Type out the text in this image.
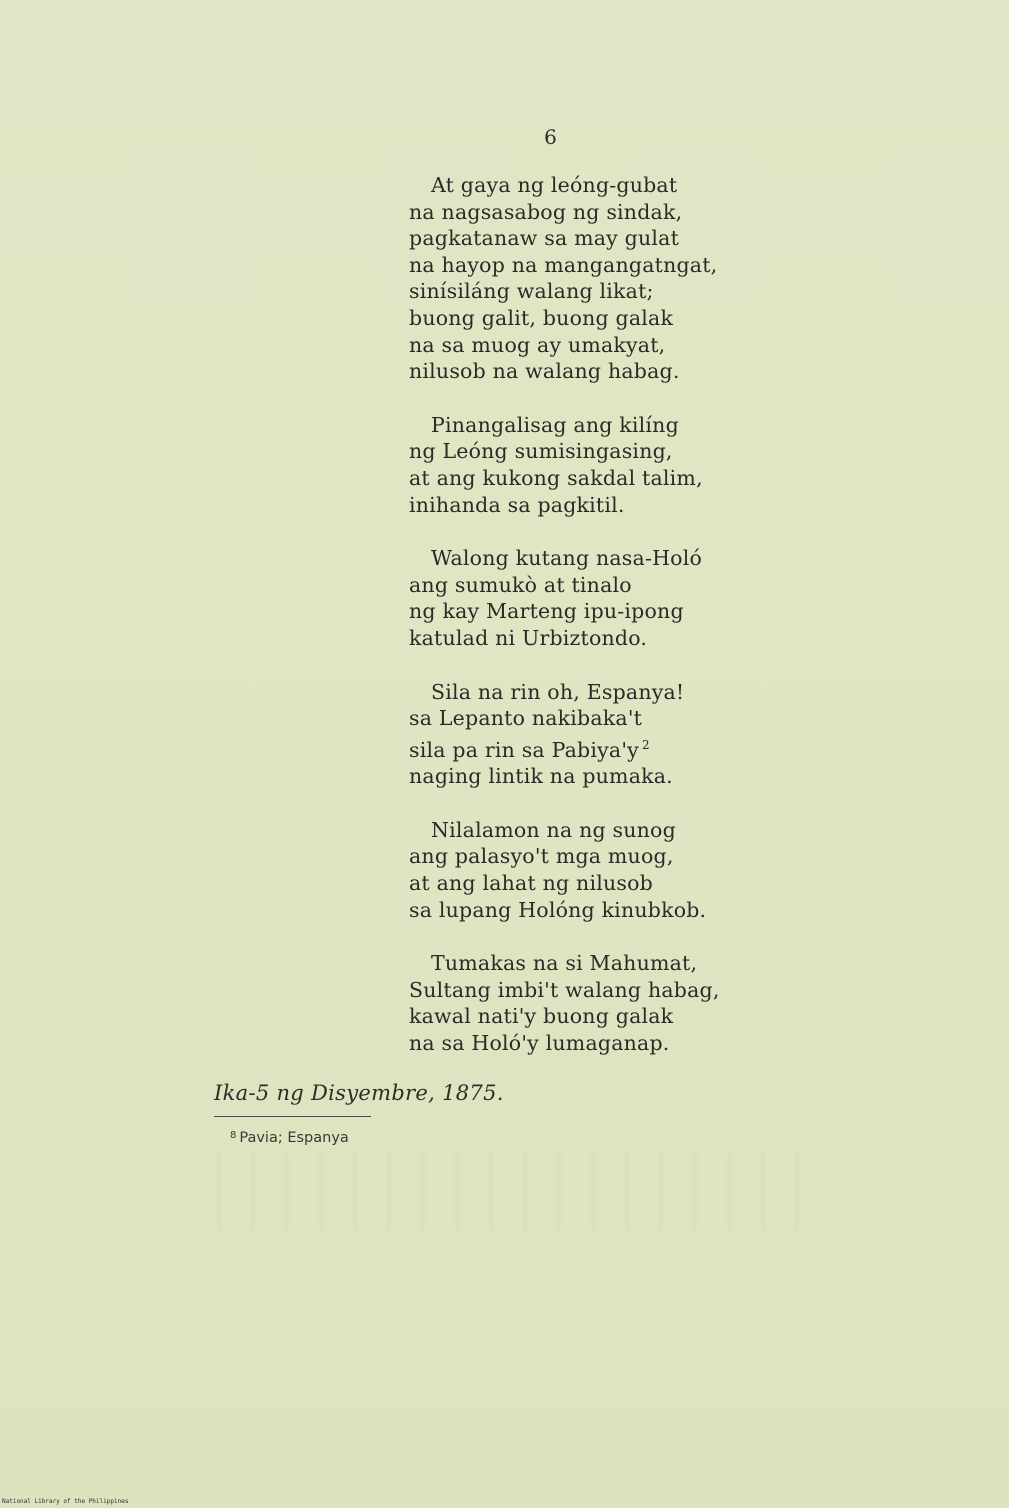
6
At gaya ng leóng-gubat
na nagsasabog ng sindak,
pagkatanaw sa may gulat
na hayop na mangangatngat,
sinísiláng walang likat;
buong galit, buong galak
na sa muog ay umakyat,
nilusob na walang habag.
Pinangalisag ang kilíng
ng Leóng sumisingasing,
at ang kukong sakdal talim,
inihanda sa pagkitil.
Walong kutang nasa-Holó
ang sumukò at tinalo
ng kay Marteng ipu-ipong
katulad ni Urbiztondo.
Sila na rin oh, Espanya!
sa Lepanto nakibaka't
sila pa rin sa Pabiya'y $^2$
naging lintik na pumaka.
Nilalamon na ng sunog
ang palasyo't mga muog,
at ang lahat ng nilusob
sa lupang Holóng kinubkob.
Tumakas na si Mahumat,
Sultang imbi't walang habag,
kawal nati'y buong galak
na sa Holó'y lumaganap.
Ika-5 ng Disyembre, 1875.
$^8$ Pavia; Espanya
National Library of the Philippines
